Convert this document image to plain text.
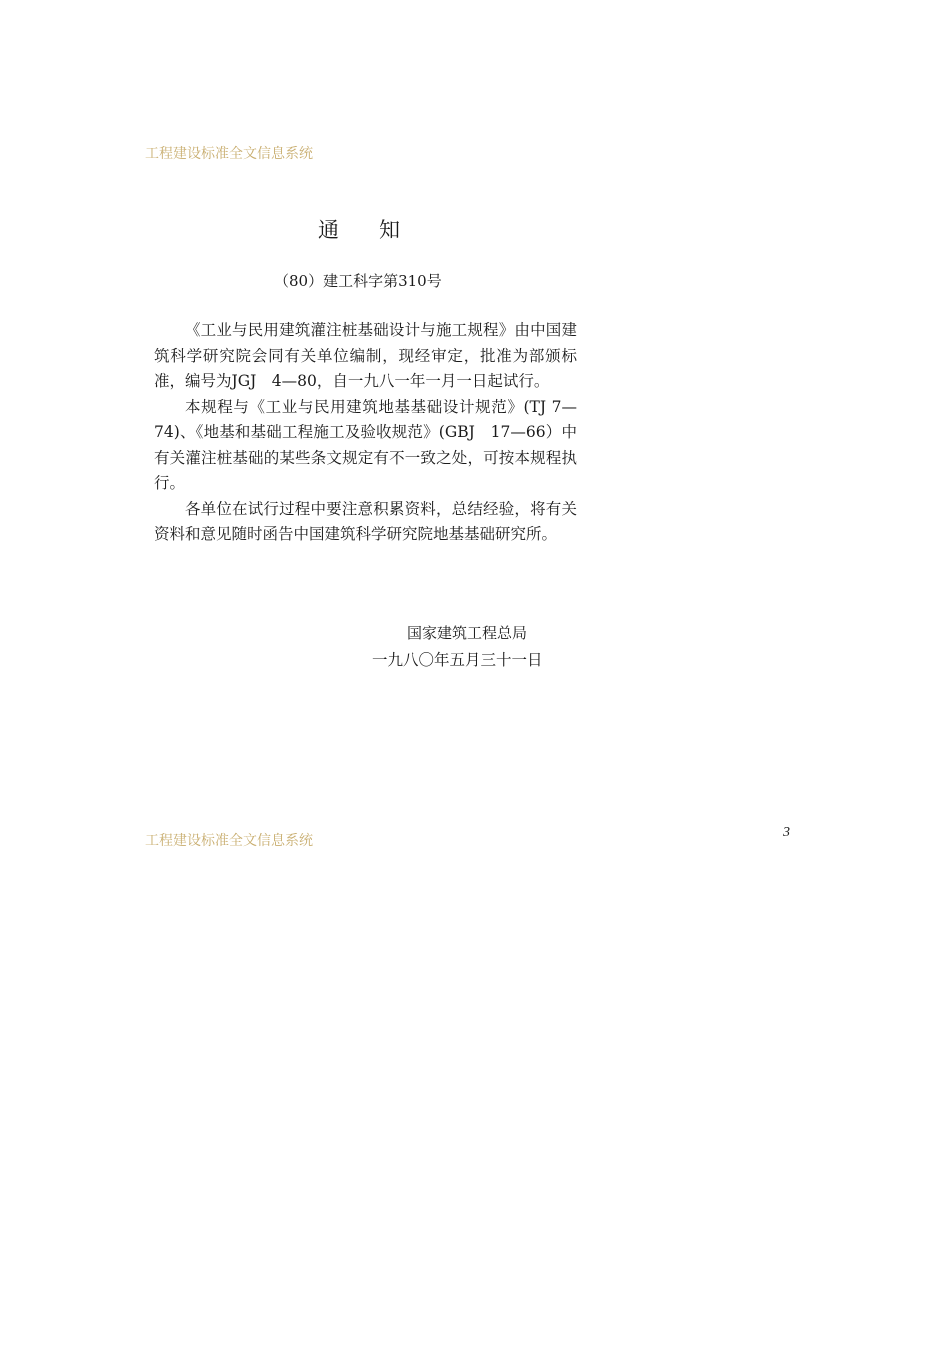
工程建设标准全文信息系统
通知
（80）建工科字第310号

《工业与民用建筑灌注桩基础设计与施工规程》由中国建筑科学研究院会同有关单位编制，现经审定，批准为部颁标准，编号为JGJ　4—80，自一九八一年一月一日起试行。

本规程与《工业与民用建筑地基基础设计规范》(TJ 7—74)、《地基和基础工程施工及验收规范》(GBJ　17—66）中有关灌注桩基础的某些条文规定有不一致之处，可按本规程执行。

各单位在试行过程中要注意积累资料，总结经验，将有关资料和意见随时函告中国建筑科学研究院地基基础研究所。

国家建筑工程总局
一九八〇年五月三十一日
工程建设标准全文信息系统
3
